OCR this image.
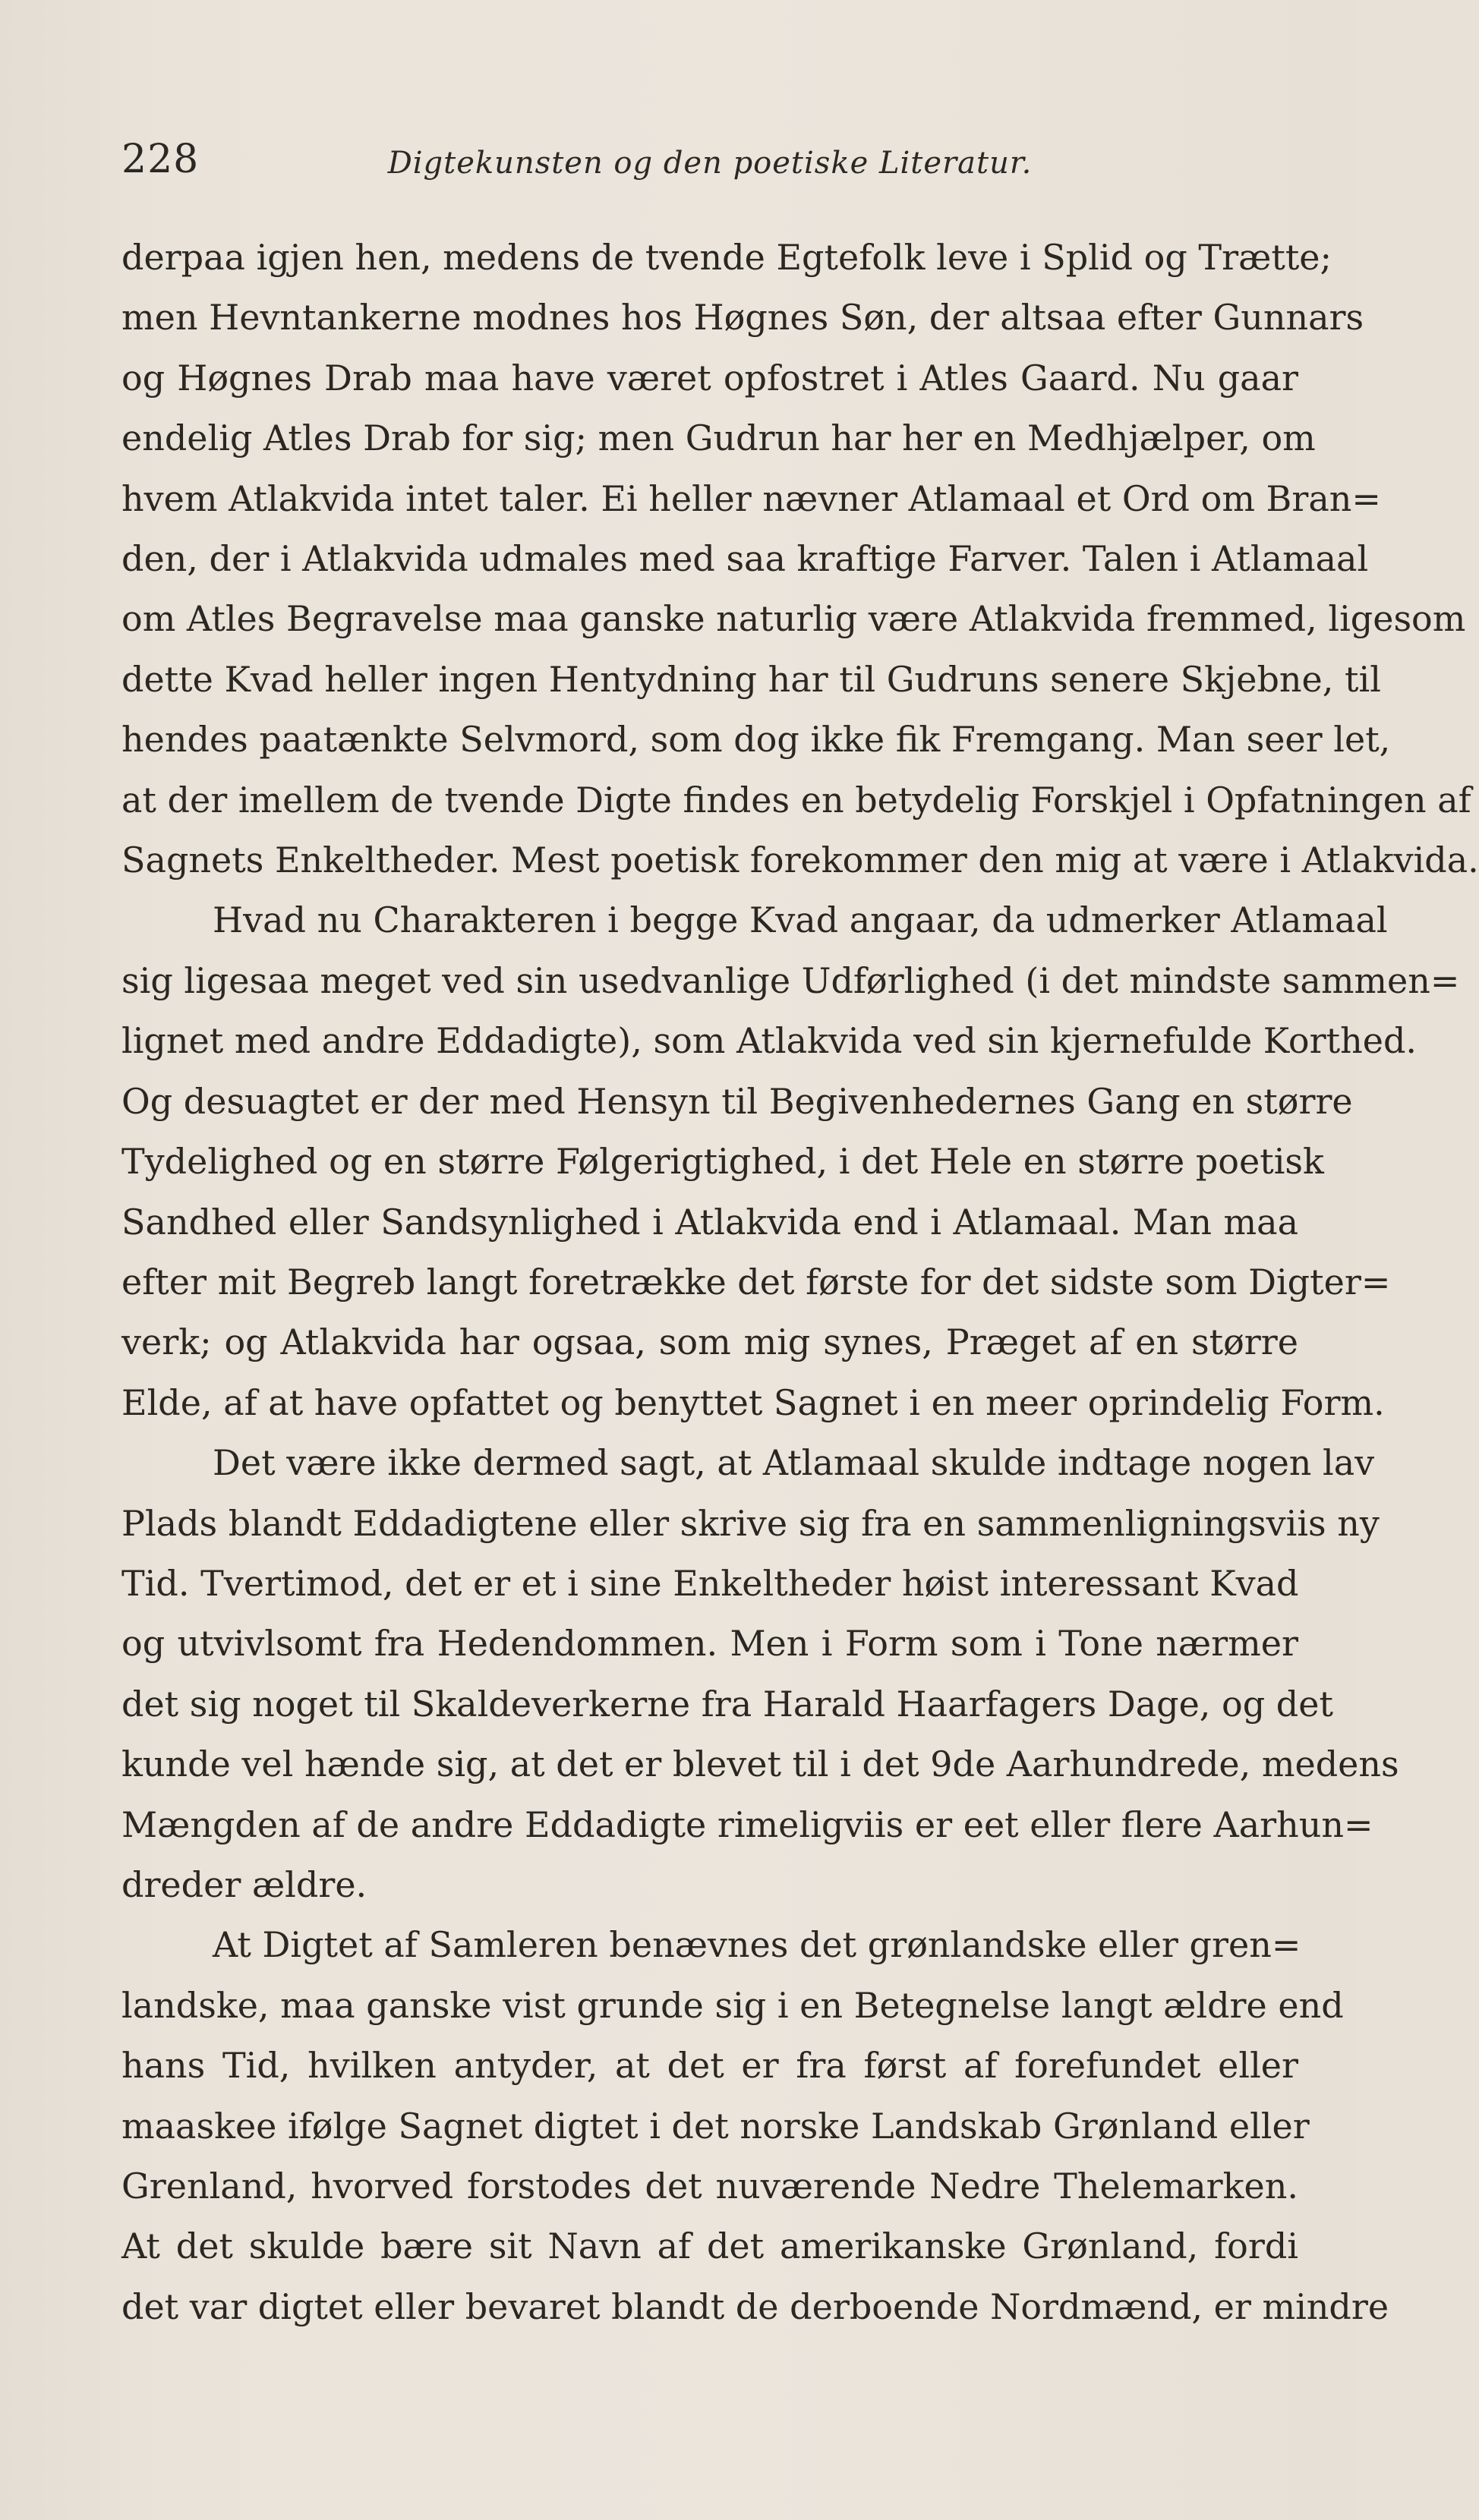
228	Digtekunsten og den poetiske Literatur.
derpaa igjen hen, medens de tvende Egtefolk leve i Splid og Trætte;
men Hevntankerne modnes hos Høgnes Søn, der altsaa efter Gunnars
og Høgnes Drab maa have været opfostret i Atles Gaard. Nu gaar
endelig Atles Drab for sig; men Gudrun har her en Medhjælper, om
hvem Atlakvida intet taler. Ei heller nævner Atlamaal et Ord om Bran=
den, der i Atlakvida udmales med saa kraftige Farver. Talen i Atlamaal
om Atles Begravelse maa ganske naturlig være Atlakvida fremmed, ligesom
dette Kvad heller ingen Hentydning har til Gudruns senere Skjebne, til
hendes paatænkte Selvmord, som dog ikke fik Fremgang. Man seer let,
at der imellem de tvende Digte findes en betydelig Forskjel i Opfatningen af
Sagnets Enkeltheder. Mest poetisk forekommer den mig at være i Atlakvida.
Hvad nu Charakteren i begge Kvad angaar, da udmerker Atlamaal
sig ligesaa meget ved sin usedvanlige Udførlighed (i det mindste sammen=
lignet med andre Eddadigte), som Atlakvida ved sin kjernefulde Korthed.
Og desuagtet er der med Hensyn til Begivenhedernes Gang en større
Tydelighed og en større Følgerigtighed, i det Hele en større poetisk
Sandhed eller Sandsynlighed i Atlakvida end i Atlamaal. Man maa
efter mit Begreb langt foretrække det første for det sidste som Digter=
verk; og Atlakvida har ogsaa, som mig synes, Præget af en større
Elde, af at have opfattet og benyttet Sagnet i en meer oprindelig Form.
Det være ikke dermed sagt, at Atlamaal skulde indtage nogen lav
Plads blandt Eddadigtene eller skrive sig fra en sammenligningsviis ny
Tid. Tvertimod, det er et i sine Enkeltheder høist interessant Kvad
og utvivlsomt fra Hedendommen. Men i Form som i Tone nærmer
det sig noget til Skaldeverkerne fra Harald Haarfagers Dage, og det
kunde vel hænde sig, at det er blevet til i det 9de Aarhundrede, medens
Mængden af de andre Eddadigte rimeligviis er eet eller flere Aarhun=
dreder ældre.
At Digtet af Samleren benævnes det grønlandske eller gren=
landske, maa ganske vist grunde sig i en Betegnelse langt ældre end
hans Tid, hvilken antyder, at det er fra først af forefundet eller
maaskee ifølge Sagnet digtet i det norske Landskab Grønland eller
Grenland, hvorved forstodes det nuværende Nedre Thelemarken.
At det skulde bære sit Navn af det amerikanske Grønland, fordi
det var digtet eller bevaret blandt de derboende Nordmænd, er mindre
